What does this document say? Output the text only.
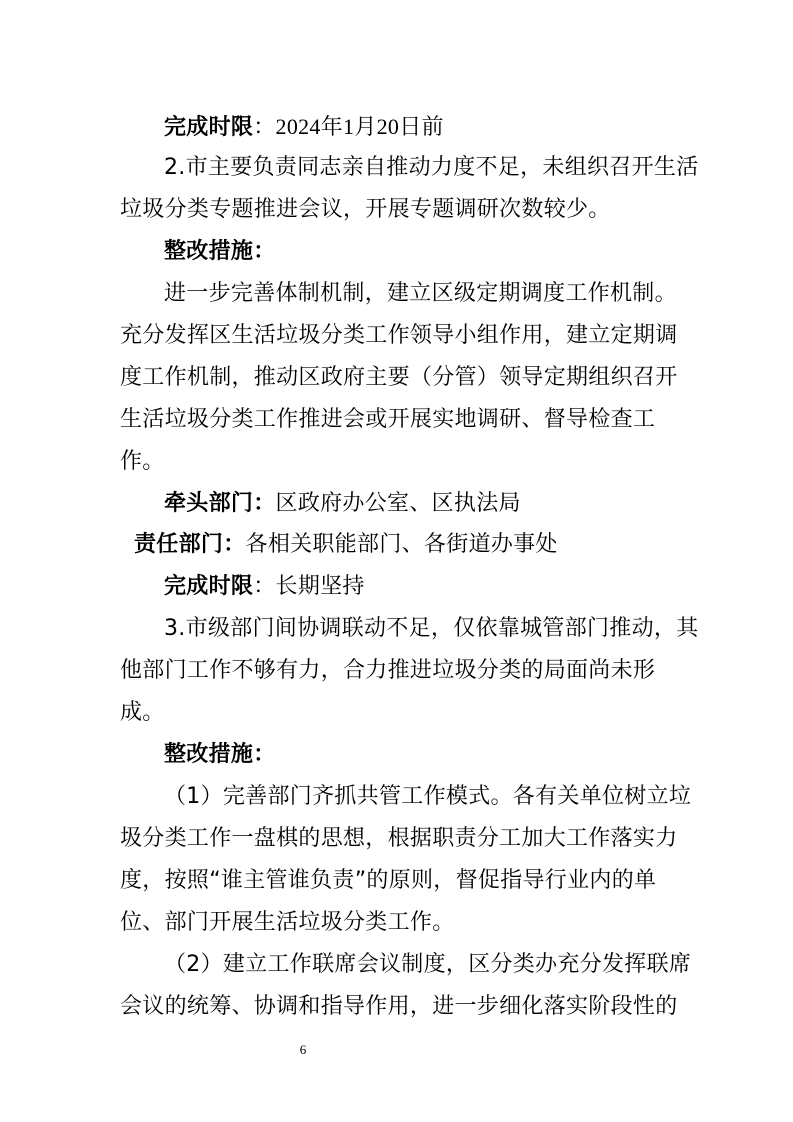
完成时限：2024年1月20日前
2.市主要负责同志亲自推动力度不足，未组织召开生活
垃圾分类专题推进会议，开展专题调研次数较少。
整改措施：
进一步完善体制机制，建立区级定期调度工作机制。
充分发挥区生活垃圾分类工作领导小组作用，建立定期调
度工作机制，推动区政府主要（分管）领导定期组织召开
生活垃圾分类工作推进会或开展实地调研、督导检查工
作。
牵头部门：区政府办公室、区执法局
责任部门：各相关职能部门、各街道办事处
完成时限：长期坚持
3.市级部门间协调联动不足，仅依靠城管部门推动，其
他部门工作不够有力，合力推进垃圾分类的局面尚未形
成。
整改措施：
（1）完善部门齐抓共管工作模式。各有关单位树立垃
圾分类工作一盘棋的思想，根据职责分工加大工作落实力
度，按照“谁主管谁负责”的原则，督促指导行业内的单
位、部门开展生活垃圾分类工作。
（2）建立工作联席会议制度，区分类办充分发挥联席
会议的统筹、协调和指导作用，进一步细化落实阶段性的
6
